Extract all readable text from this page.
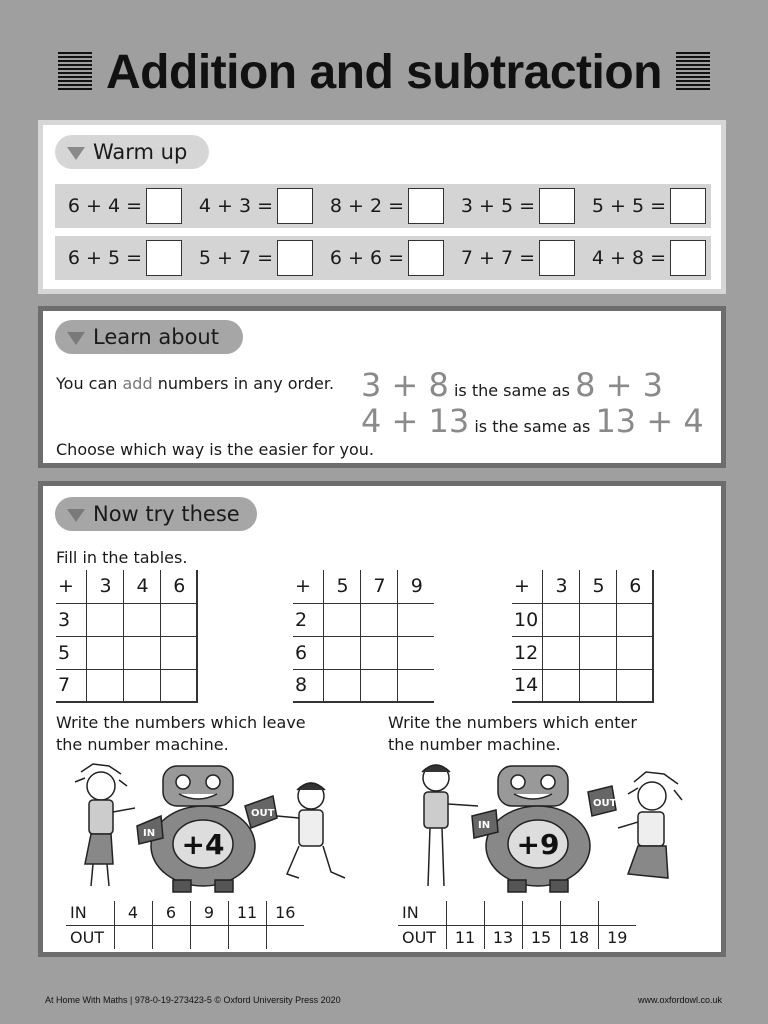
Addition and subtraction
Warm up
6 + 4 =	4 + 3 =	8 + 2 =	3 + 5 =	5 + 5 =
6 + 5 =	5 + 7 =	6 + 6 =	7 + 7 =	4 + 8 =
Learn about
You can add numbers in any order.
Choose which way is the easier for you.
3 + 8 is the same as 8 + 3
4 + 13 is the same as 13 + 4
Now try these
Fill in the tables.
+	3	4	6
3			
5			
7			
+	5	7	9
2			
6			
8			
+	3	5	6
10			
12			
14			
Write the numbers which leave
the number machine.
Write the numbers which enter
the number machine.
IN
OUT
+4
IN
OUT
+9
IN	4	6	9	11	16
OUT					
IN					
OUT	11	13	15	18	19
At Home With Maths | 978-0-19-273423-5 © Oxford University Press 2020	www.oxfordowl.co.uk
